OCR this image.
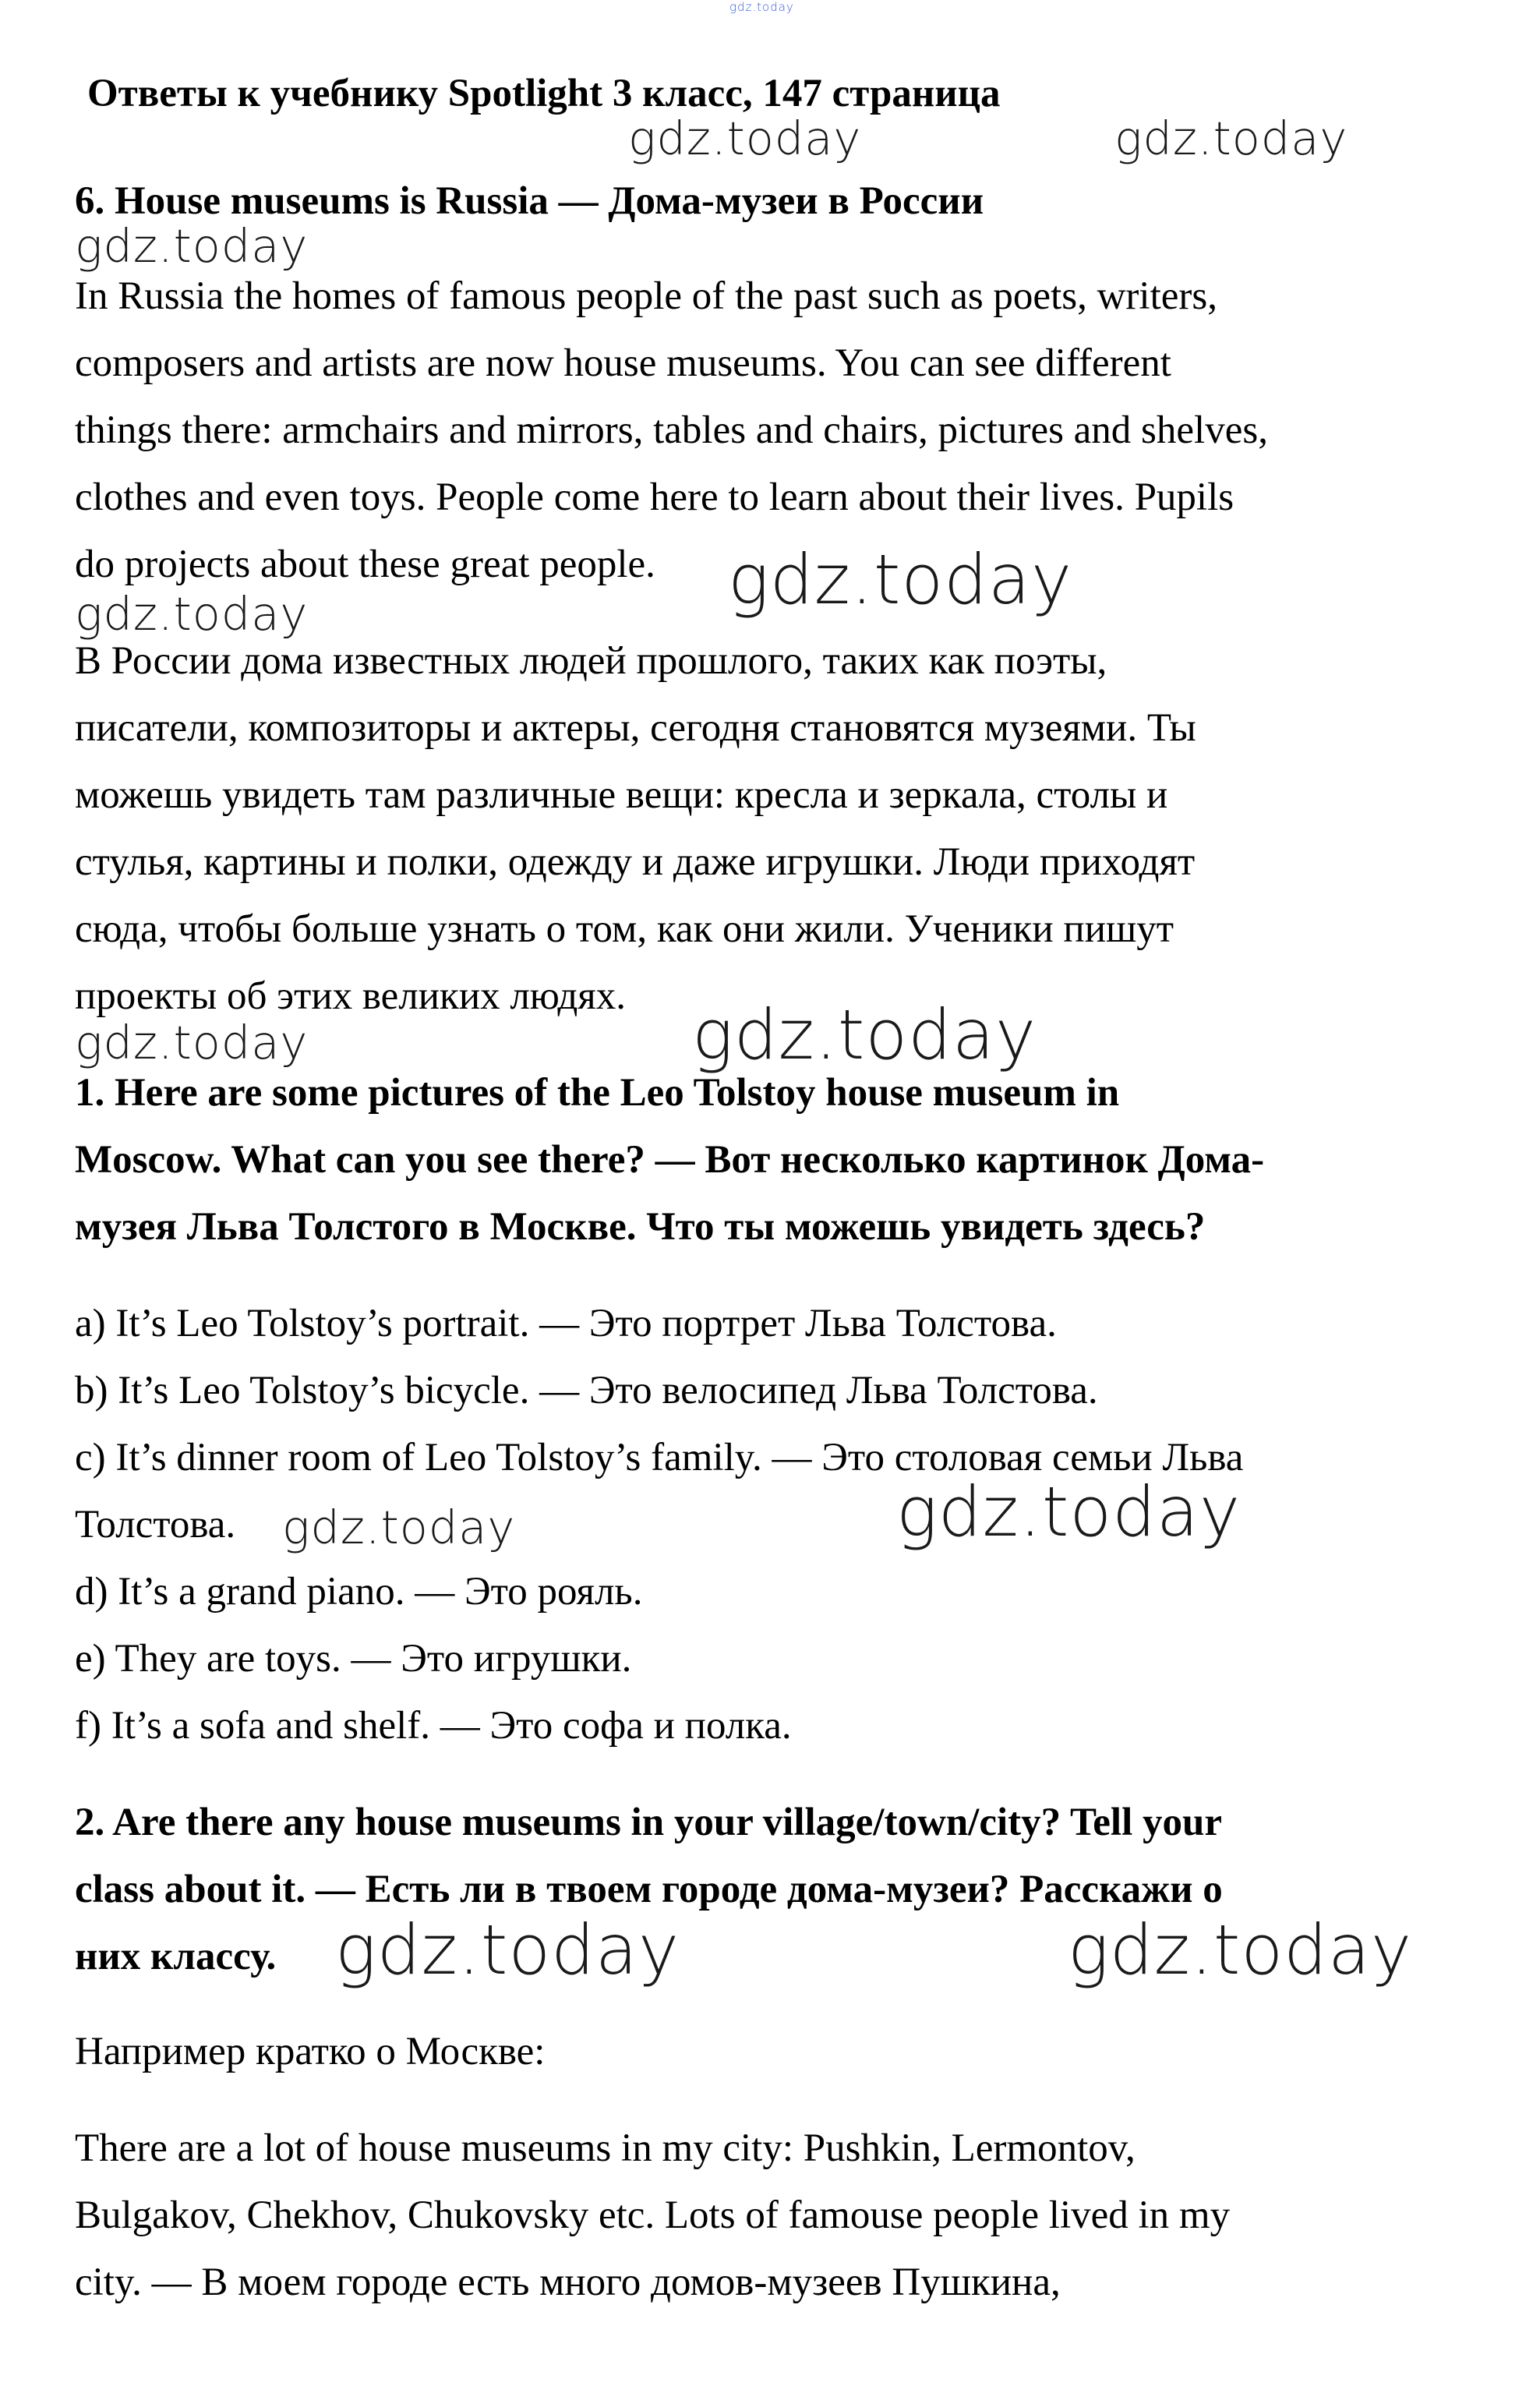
gdz.today
Ответы к учебнику Spotlight 3 класс, 147 страница
gdz.today	gdz.today
6. House museums is Russia — Дома-музеи в России
gdz.today
In Russia the homes of famous people of the past such as poets, writers,
composers and artists are now house museums. You can see different
things there: armchairs and mirrors, tables and chairs, pictures and shelves,
clothes and even toys. People come here to learn about their lives. Pupils
do projects about these great people. gdz.today
gdz.today
В России дома известных людей прошлого, таких как поэты,
писатели, композиторы и актеры, сегодня становятся музеями. Ты
можешь увидеть там различные вещи: кресла и зеркала, столы и
стулья, картины и полки, одежду и даже игрушки. Люди приходят
сюда, чтобы больше узнать о том, как они жили. Ученики пишут
проекты об этих великих людях.
gdz.today	gdz.today
1. Here are some pictures of the Leo Tolstoy house museum in
Moscow. What can you see there? — Вот несколько картинок Дома-
музея Льва Толстого в Москве. Что ты можешь увидеть здесь?
a) It’s Leo Tolstoy’s portrait. — Это портрет Льва Толстова.
b) It’s Leo Tolstoy’s bicycle. — Это велосипед Льва Толстова.
c) It’s dinner room of Leo Tolstoy’s family. — Это столовая семьи Льва
Толстова. gdz.today	gdz.today
d) It’s a grand piano. — Это рояль.
e) They are toys. — Это игрушки.
f) It’s a sofa and shelf. — Это софа и полка.
2. Are there any house museums in your village/town/city? Tell your
class about it. — Есть ли в твоем городе дома-музеи? Расскажи о
них классу. gdz.today	gdz.today
Например кратко о Москве:
There are a lot of house museums in my city: Pushkin, Lermontov,
Bulgakov, Chekhov, Chukovsky etc. Lots of famouse people lived in my
city. — В моем городе есть много домов-музеев Пушкина,
